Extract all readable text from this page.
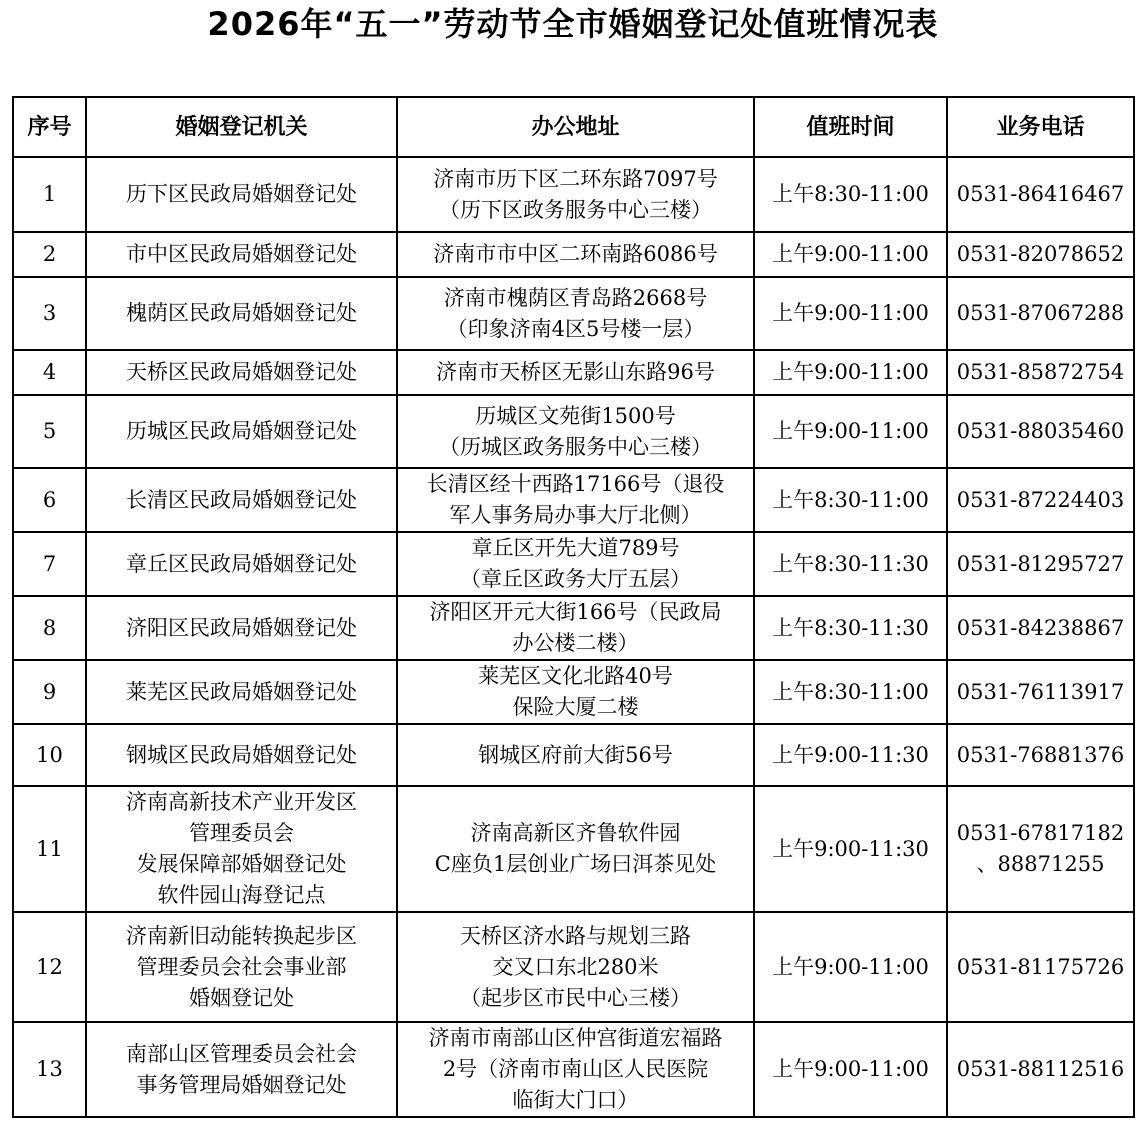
2026年“五一”劳动节全市婚姻登记处值班情况表
序号	婚姻登记机关	办公地址	值班时间	业务电话
1	历下区民政局婚姻登记处	济南市历下区二环东路7097号
（历下区政务服务中心三楼）	上午8:30-11:00	0531-86416467

2	市中区民政局婚姻登记处	济南市市中区二环南路6086号	上午9:00-11:00	0531-82078652

3	槐荫区民政局婚姻登记处	济南市槐荫区青岛路2668号
（印象济南4区5号楼一层）	上午9:00-11:00	0531-87067288

4	天桥区民政局婚姻登记处	济南市天桥区无影山东路96号	上午9:00-11:00	0531-85872754

5	历城区民政局婚姻登记处	历城区文苑街1500号
（历城区政务服务中心三楼）	上午9:00-11:00	0531-88035460

6	长清区民政局婚姻登记处	长清区经十西路17166号（退役
军人事务局办事大厅北侧）	上午8:30-11:00	0531-87224403

7	章丘区民政局婚姻登记处	章丘区开先大道789号
（章丘区政务大厅五层）	上午8:30-11:30	0531-81295727

8	济阳区民政局婚姻登记处	济阳区开元大街166号（民政局
办公楼二楼）	上午8:30-11:30	0531-84238867

9	莱芜区民政局婚姻登记处	莱芜区文化北路40号
保险大厦二楼	上午8:30-11:00	0531-76113917

10	钢城区民政局婚姻登记处	钢城区府前大街56号	上午9:00-11:30	0531-76881376

11	济南高新技术产业开发区
管理委员会
发展保障部婚姻登记处
软件园山海登记点	济南高新区齐鲁软件园
C座负1层创业广场曰洱茶见处	上午9:00-11:30	0531-67817182
、88871255

12	济南新旧动能转换起步区
管理委员会社会事业部
婚姻登记处	天桥区济水路与规划三路
交叉口东北280米
（起步区市民中心三楼）	上午9:00-11:00	0531-81175726

13	南部山区管理委员会社会
事务管理局婚姻登记处	济南市南部山区仲宫街道宏福路
2号（济南市南山区人民医院
临街大门口）	上午9:00-11:00	0531-88112516
